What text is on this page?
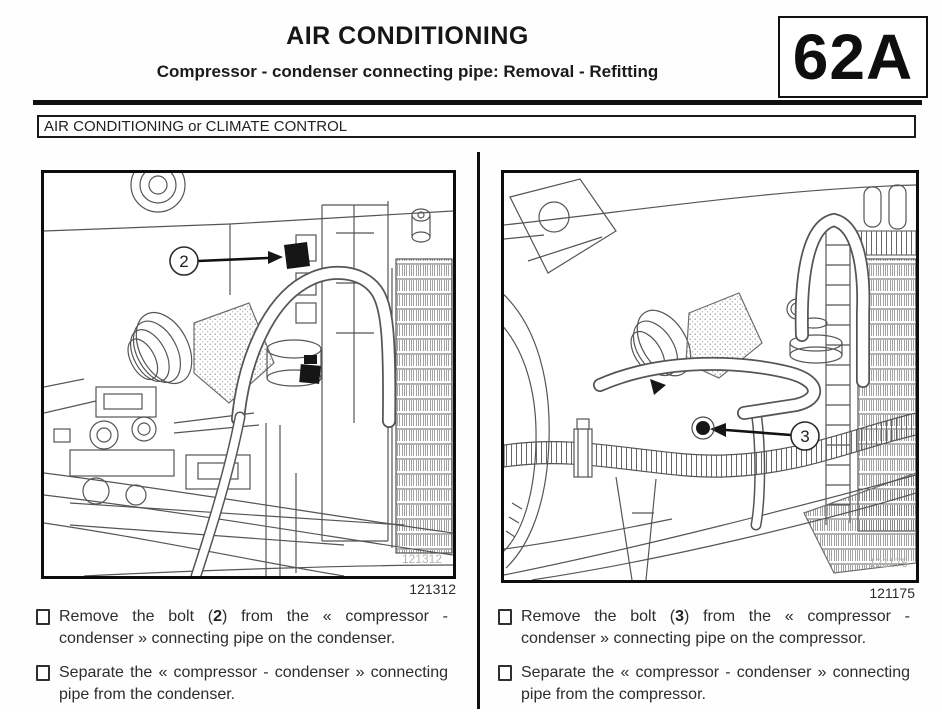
AIR CONDITIONING
Compressor - condenser connecting pipe: Removal - Refitting	62A
AIR CONDITIONING or CLIMATE CONTROL
2
121312
121312
3
121175
121175

Remove the bolt (2) from the « compressor - condenser » connecting pipe on the condenser.

Separate the « compressor - condenser » connecting pipe from the condenser.

Remove the bolt (3) from the « compressor - condenser » connecting pipe on the compressor.

Separate the « compressor - condenser » connecting pipe from the compressor.
